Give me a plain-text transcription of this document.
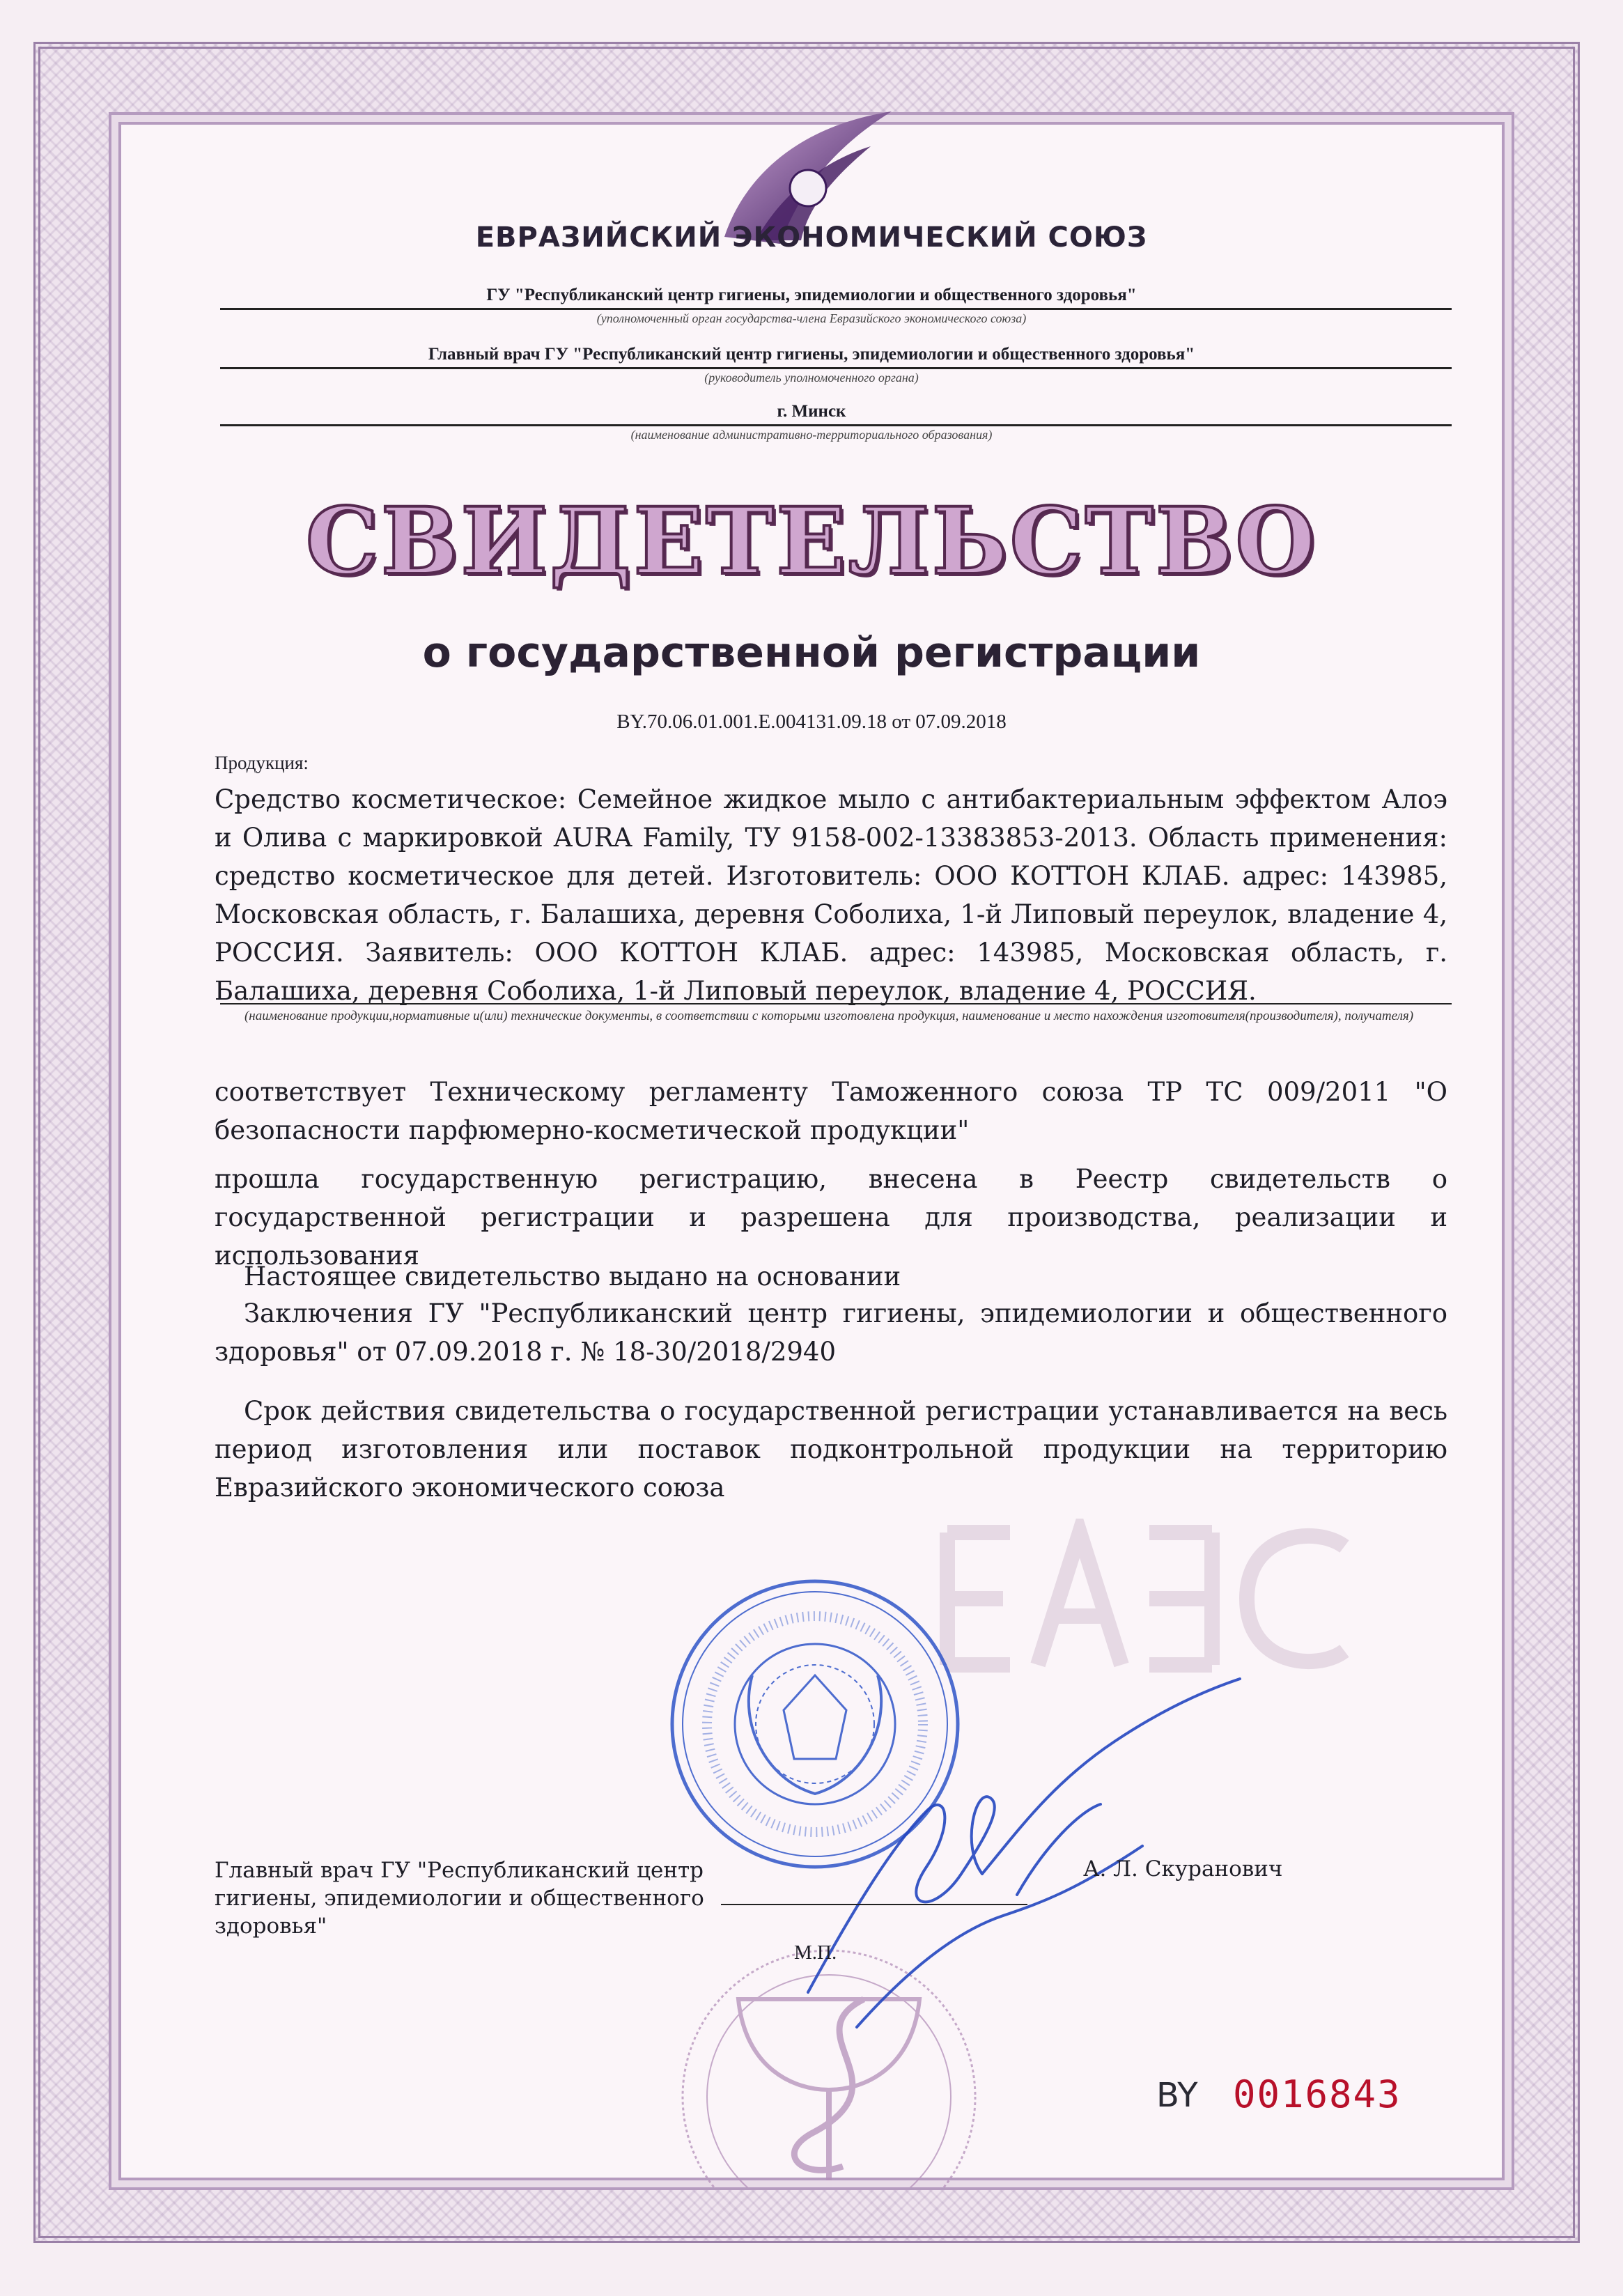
ЕВРАЗИЙСКИЙ ЭКОНОМИЧЕСКИЙ СОЮЗ
ГУ "Республиканский центр гигиены, эпидемиологии и общественного здоровья"
(уполномоченный орган государства-члена Евразийского экономического союза)
Главный врач ГУ "Республиканский центр гигиены, эпидемиологии и общественного здоровья"
(руководитель уполномоченного органа)
г. Минск
(наименование административно-территориального образования)
СВИДЕТЕЛЬСТВО
о государственной регистрации
BY.70.06.01.001.E.004131.09.18 от 07.09.2018
Продукция:
Средство косметическое: Семейное жидкое мыло с антибактериальным эффектом Алоэ и Олива с маркировкой AURA Family, ТУ 9158-002-13383853-2013. Область применения: средство косметическое для детей. Изготовитель: ООО КОТТОН КЛАБ. адрес: 143985, Московская область, г. Балашиха, деревня Соболиха, 1-й Липовый переулок, владение 4, РОССИЯ. Заявитель: ООО КОТТОН КЛАБ. адрес: 143985, Московская область, г. Балашиха, деревня Соболиха, 1-й Липовый переулок, владение 4, РОССИЯ.
(наименование продукции,нормативные и(или) технические документы, в соответствии с которыми изготовлена продукция, наименование и место нахождения изготовителя(производителя), получателя)
соответствует Техническому регламенту Таможенного союза ТР ТС 009/2011 "О безопасности парфюмерно-косметической продукции"
прошла государственную регистрацию, внесена в Реестр свидетельств о государственной регистрации и разрешена для производства, реализации и использования
Настоящее свидетельство выдано на основании
Заключения ГУ "Республиканский центр гигиены, эпидемиологии и общественного здоровья" от 07.09.2018 г. № 18-30/2018/2940
Срок действия свидетельства о государственной регистрации устанавливается на весь период изготовления или поставок подконтрольной продукции на территорию Евразийского экономического союза
Главный врач ГУ "Республиканский центр гигиены, эпидемиологии и общественного здоровья"
А. Л. Скуранович
М.П.
BY 0016843
